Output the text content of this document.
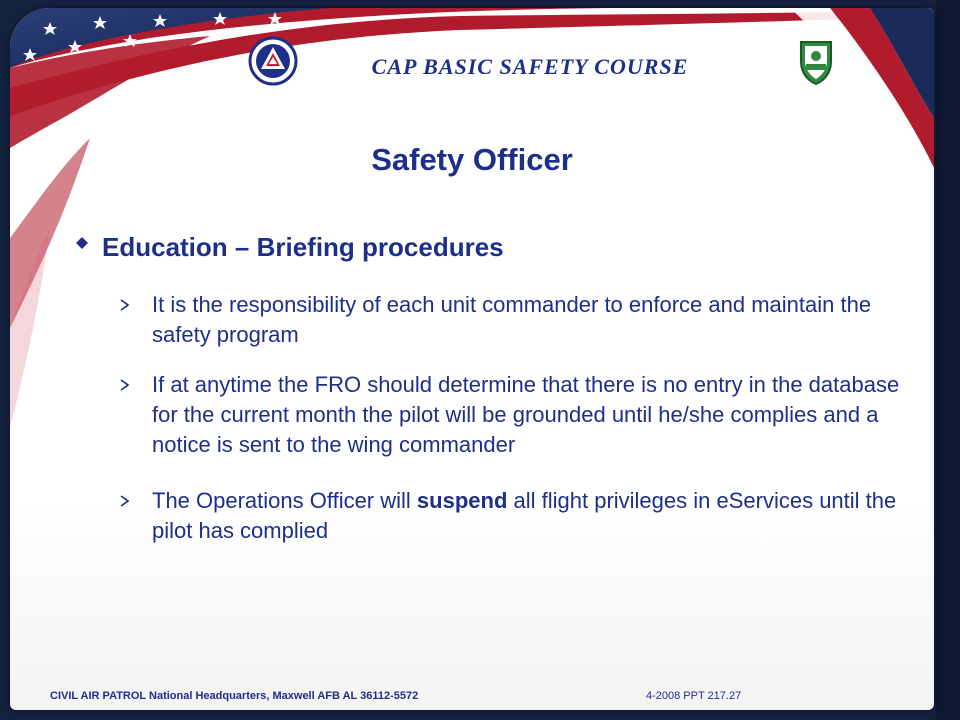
CAP BASIC SAFETY COURSE
Safety Officer
Education – Briefing procedures
It is the responsibility of each unit commander to enforce and maintain the safety program
If at anytime the FRO should determine that there is no entry in the database for the current month the pilot will be grounded until he/she complies and a notice is sent to the wing commander
The Operations Officer will suspend all flight privileges in eServices until the pilot has complied
CIVIL AIR PATROL National Headquarters, Maxwell AFB AL 36112-5572	4-2008 PPT 217.27
